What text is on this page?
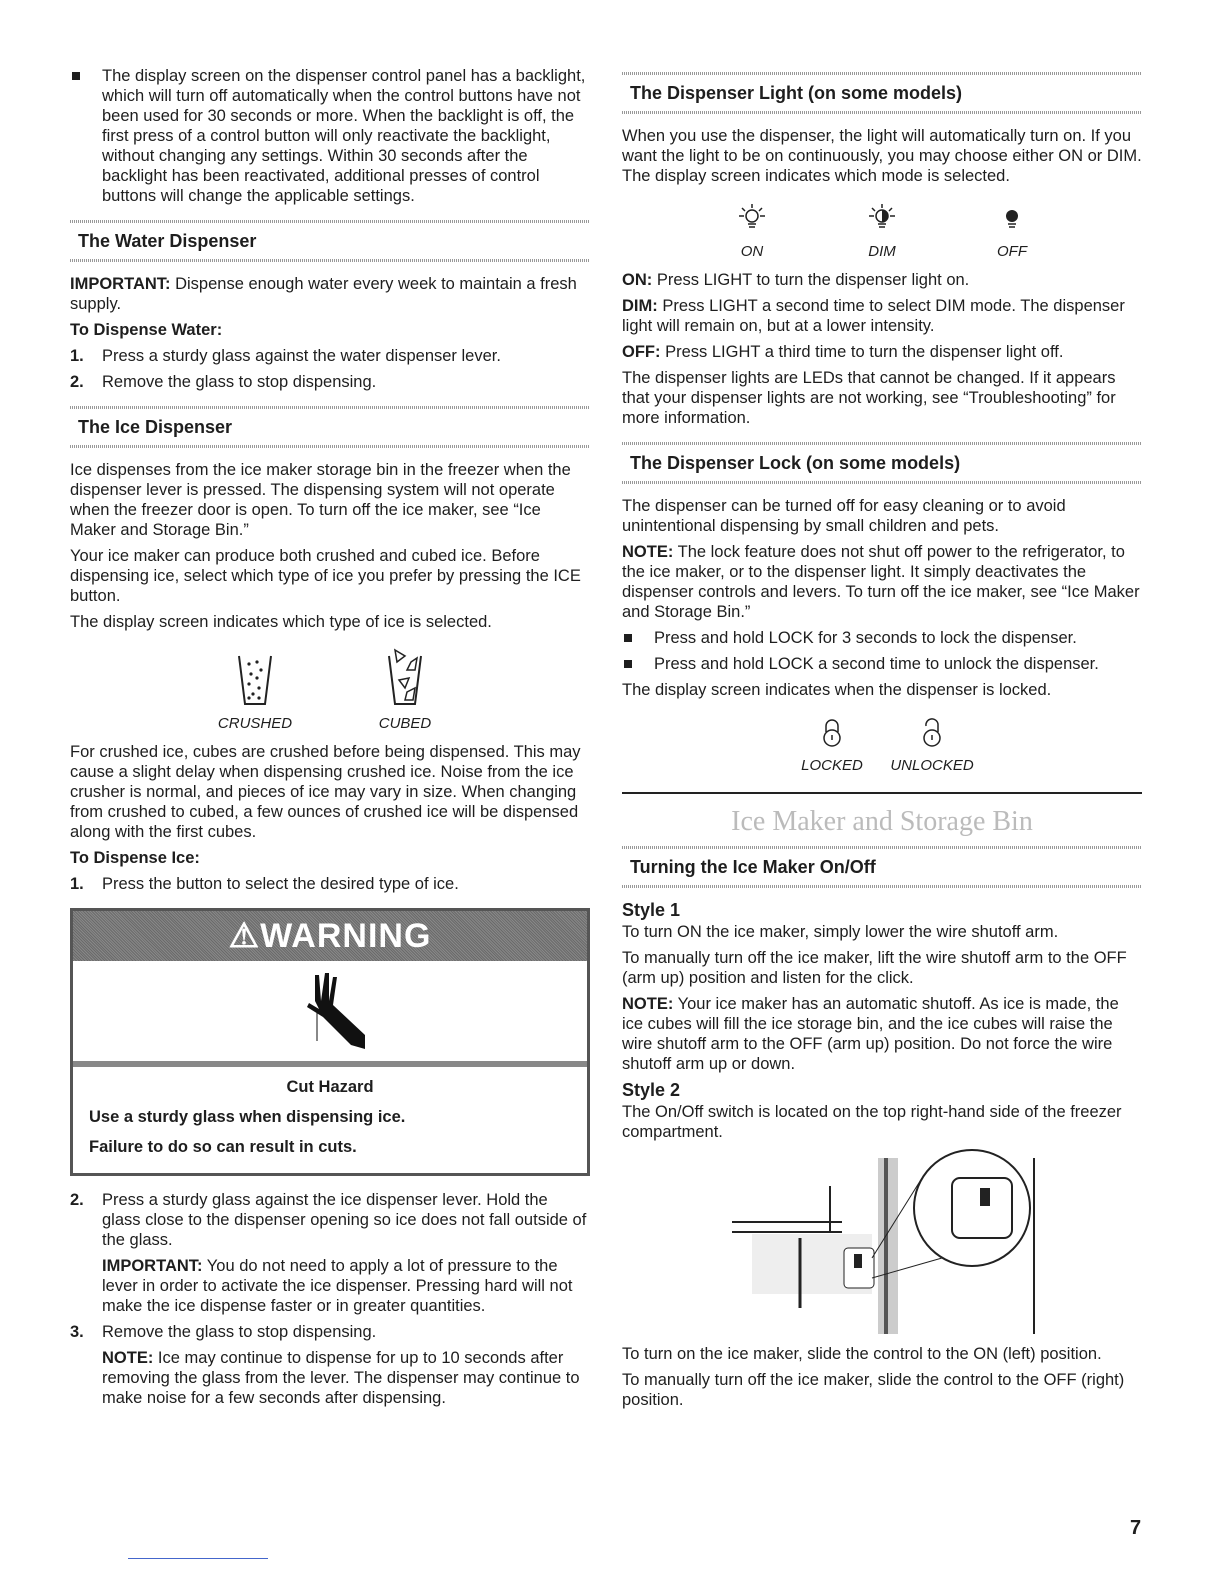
The display screen on the dispenser control panel has a backlight, which will turn off automatically when the control buttons have not been used for 30 seconds or more. When the backlight is off, the first press of a control button will only reactivate the backlight, without changing any settings. Within 30 seconds after the backlight has been reactivated, additional presses of control buttons will change the applicable settings.
The Water Dispenser

IMPORTANT: Dispense enough water every week to maintain a fresh supply.

To Dispense Water:

1. Press a sturdy glass against the water dispenser lever.
2. Remove the glass to stop dispensing.
The Ice Dispenser

Ice dispenses from the ice maker storage bin in the freezer when the dispenser lever is pressed. The dispensing system will not operate when the freezer door is open. To turn off the ice maker, see “Ice Maker and Storage Bin.”

Your ice maker can produce both crushed and cubed ice. Before dispensing ice, select which type of ice you prefer by pressing the ICE button.

The display screen indicates which type of ice is selected.

CRUSHED	CUBED

For crushed ice, cubes are crushed before being dispensed. This may cause a slight delay when dispensing crushed ice. Noise from the ice crusher is normal, and pieces of ice may vary in size. When changing from crushed to cubed, a few ounces of crushed ice will be dispensed along with the first cubes.

To Dispense Ice:

1. Press the button to select the desired type of ice.
⚠ WARNING

Cut Hazard

Use a sturdy glass when dispensing ice.

Failure to do so can result in cuts.

2. Press a sturdy glass against the ice dispenser lever. Hold the glass close to the dispenser opening so ice does not fall outside of the glass.

IMPORTANT: You do not need to apply a lot of pressure to the lever in order to activate the ice dispenser. Pressing hard will not make the ice dispense faster or in greater quantities.

3. Remove the glass to stop dispensing.

NOTE: Ice may continue to dispense for up to 10 seconds after removing the glass from the lever. The dispenser may continue to make noise for a few seconds after dispensing.

The Dispenser Light (on some models)

When you use the dispenser, the light will automatically turn on. If you want the light to be on continuously, you may choose either ON or DIM. The display screen indicates which mode is selected.

ON	DIM	OFF

ON: Press LIGHT to turn the dispenser light on.

DIM: Press LIGHT a second time to select DIM mode. The dispenser light will remain on, but at a lower intensity.

OFF: Press LIGHT a third time to turn the dispenser light off.

The dispenser lights are LEDs that cannot be changed. If it appears that your dispenser lights are not working, see “Troubleshooting” for more information.

The Dispenser Lock (on some models)

The dispenser can be turned off for easy cleaning or to avoid unintentional dispensing by small children and pets.

NOTE: The lock feature does not shut off power to the refrigerator, to the ice maker, or to the dispenser light. It simply deactivates the dispenser controls and levers. To turn off the ice maker, see “Ice Maker and Storage Bin.”

Press and hold LOCK for 3 seconds to lock the dispenser.
Press and hold LOCK a second time to unlock the dispenser.

The display screen indicates when the dispenser is locked.

LOCKED UNLOCKED
Ice Maker and Storage Bin
Turning the Ice Maker On/Off
Style 1

To turn ON the ice maker, simply lower the wire shutoff arm.

To manually turn off the ice maker, lift the wire shutoff arm to the OFF (arm up) position and listen for the click.

NOTE: Your ice maker has an automatic shutoff. As ice is made, the ice cubes will fill the ice storage bin, and the ice cubes will raise the wire shutoff arm to the OFF (arm up) position. Do not force the wire shutoff arm up or down.

Style 2

The On/Off switch is located on the top right-hand side of the freezer compartment.

To turn on the ice maker, slide the control to the ON (left) position.

To manually turn off the ice maker, slide the control to the OFF (right) position.

7
